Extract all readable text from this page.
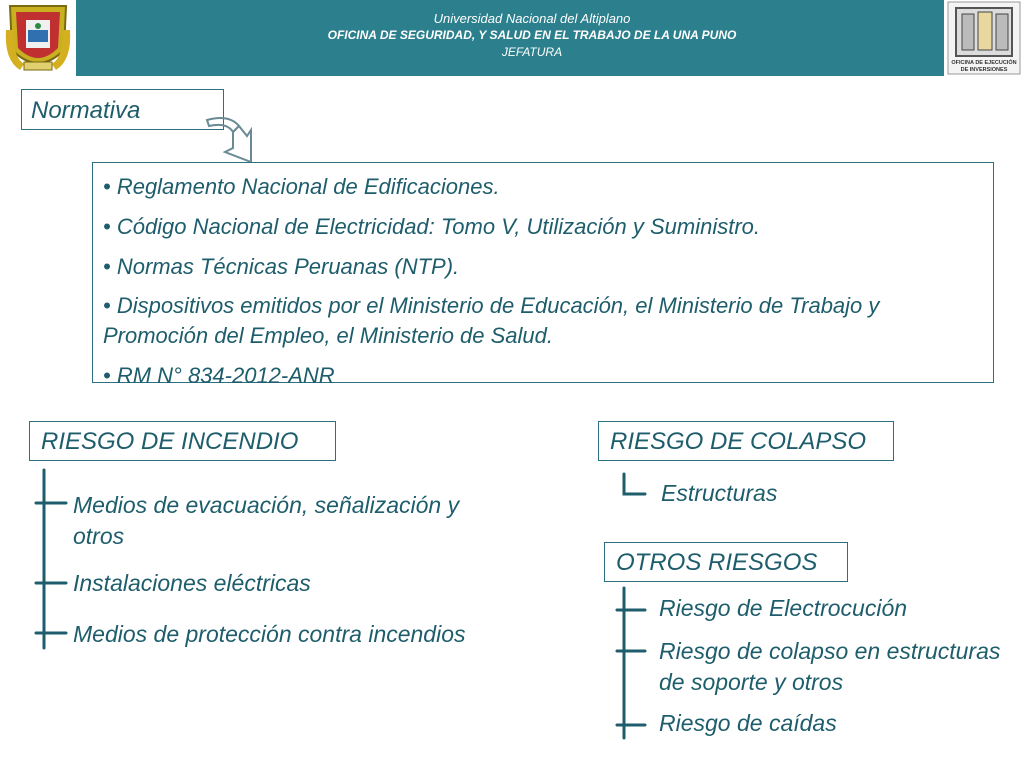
OFICINA DE EJECUCIÓN
DE INVERSIONES
Universidad Nacional del Altiplano
OFICINA DE SEGURIDAD, Y SALUD EN EL TRABAJO DE LA UNA PUNO
JEFATURA
Normativa

• Reglamento Nacional de Edificaciones.

• Código Nacional de Electricidad: Tomo V, Utilización y Suministro.

• Normas Técnicas Peruanas (NTP).

• Dispositivos emitidos por el Ministerio de Educación, el Ministerio de Trabajo y Promoción del Empleo, el Ministerio de Salud.

• RM N° 834-2012-ANR

RIESGO DE INCENDIO	RIESGO DE COLAPSO
OTROS RIESGOS
Medios de evacuación, señalización y otros
Instalaciones eléctricas
Medios de protección contra incendios
Estructuras
Riesgo de Electrocución
Riesgo de colapso en estructuras de soporte y otros
Riesgo de caídas
